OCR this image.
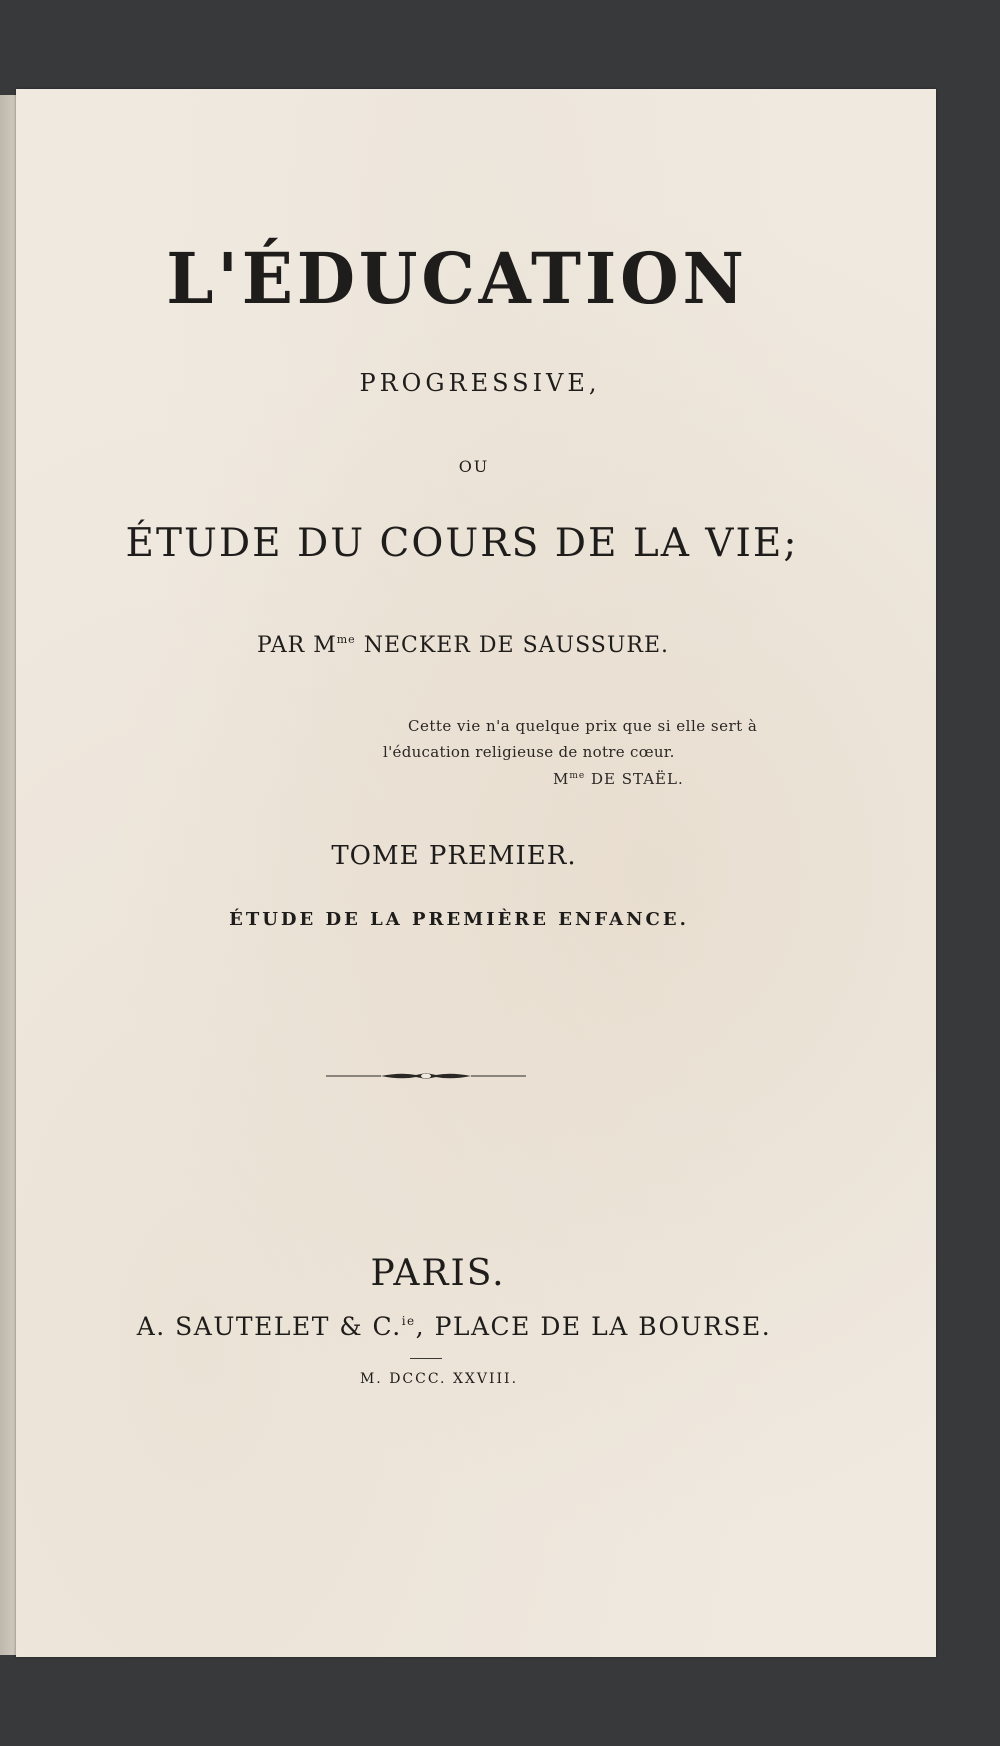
L'ÉDUCATION
PROGRESSIVE,
OU
ÉTUDE DU COURS DE LA VIE;
PAR $M^{me}$ NECKER DE SAUSSURE.
Cette vie n'a quelque prix que si elle sert à
l'éducation religieuse de notre cœur.
$M^{me}$ DE STAËL.
TOME PREMIER.
ÉTUDE DE LA PREMIÈRE ENFANCE.
PARIS.
A. SAUTELET & C.$^{ie}$, PLACE DE LA BOURSE.
M. DCCC. XXVIII.
